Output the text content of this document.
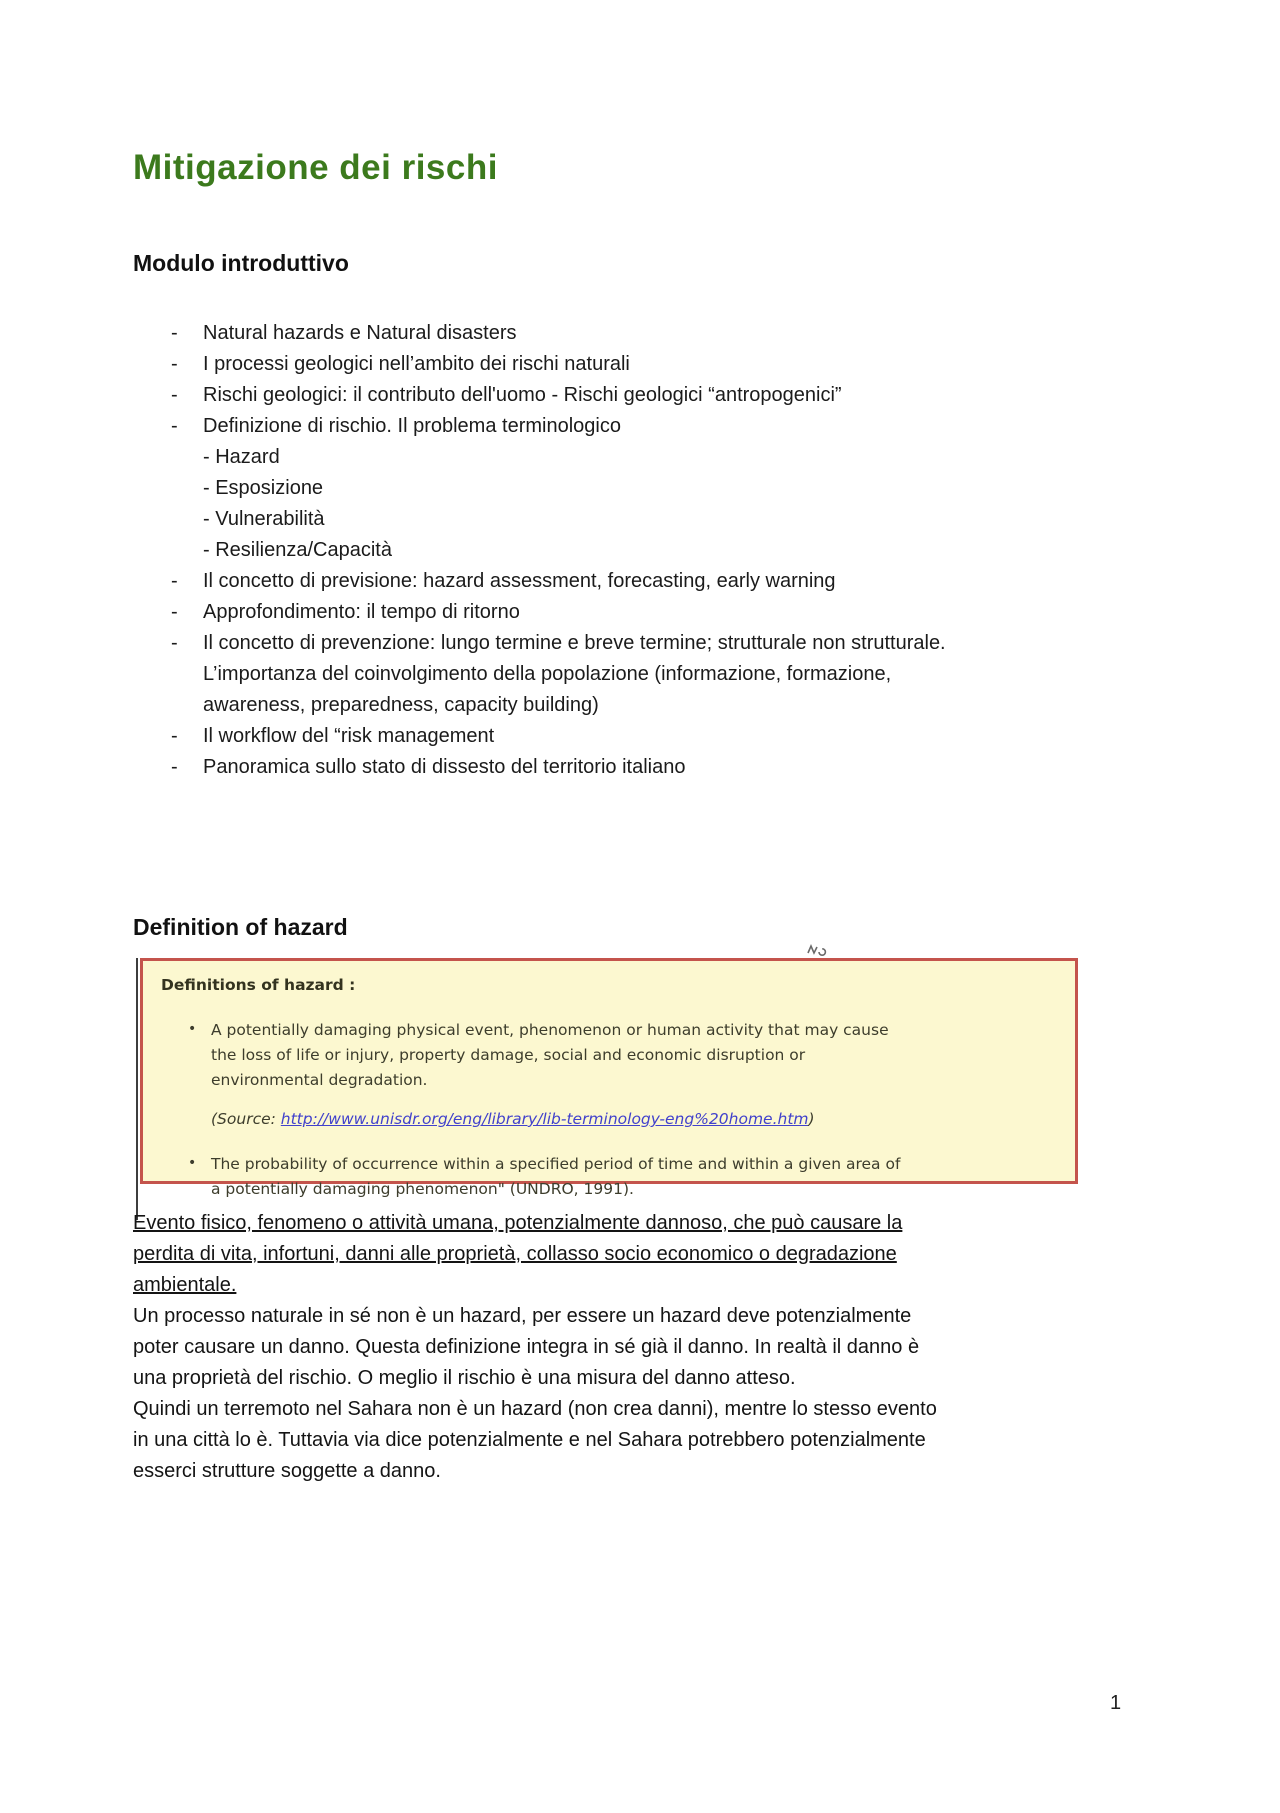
Mitigazione dei rischi
Modulo introduttivo
- Natural hazards e Natural disasters
- I processi geologici nell’ambito dei rischi naturali
- Rischi geologici: il contributo dell'uomo - Rischi geologici “antropogenici”
- Definizione di rischio. Il problema terminologico
- Hazard
- Esposizione
- Vulnerabilità
- Resilienza/Capacità
- Il concetto di previsione: hazard assessment, forecasting, early warning
- Approfondimento: il tempo di ritorno
- Il concetto di prevenzione: lungo termine e breve termine; strutturale non strutturale.
L’importanza del coinvolgimento della popolazione (informazione, formazione,
awareness, preparedness, capacity building)
- Il workflow del “risk management
- Panoramica sullo stato di dissesto del territorio italiano
Definition of hazard
Definitions of hazard :
• A potentially damaging physical event, phenomenon or human activity that may cause
the loss of life or injury, property damage, social and economic disruption or
environmental degradation.
(Source: http://www.unisdr.org/eng/library/lib-terminology-eng%20home.htm)
• The probability of occurrence within a specified period of time and within a given area of
a potentially damaging phenomenon" (UNDRO, 1991).

Evento fisico, fenomeno o attività umana, potenzialmente dannoso, che può causare la
perdita di vita, infortuni, danni alle proprietà, collasso socio economico o degradazione
ambientale.

Un processo naturale in sé non è un hazard, per essere un hazard deve potenzialmente
poter causare un danno. Questa definizione integra in sé già il danno. In realtà il danno è
una proprietà del rischio. O meglio il rischio è una misura del danno atteso.

Quindi un terremoto nel Sahara non è un hazard (non crea danni), mentre lo stesso evento
in una città lo è. Tuttavia via dice potenzialmente e nel Sahara potrebbero potenzialmente
esserci strutture soggette a danno.

1
